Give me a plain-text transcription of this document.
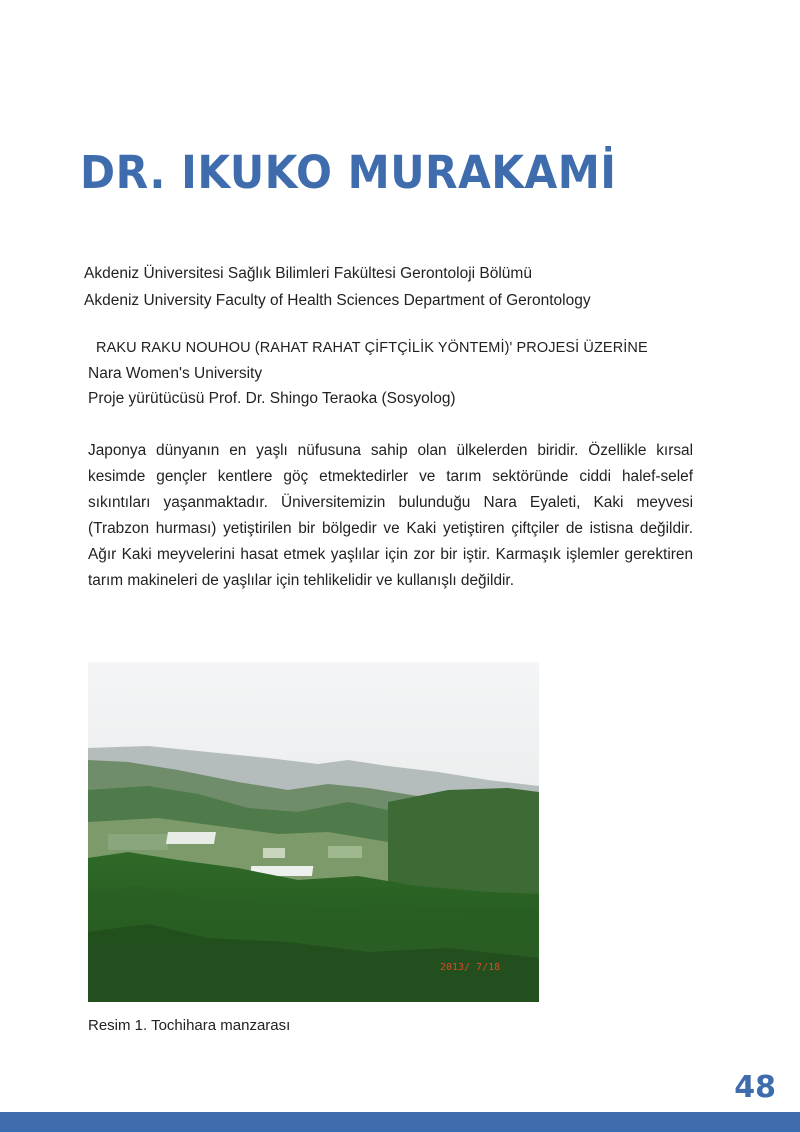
DR. IKUKO MURAKAMİ
Akdeniz Üniversitesi Sağlık Bilimleri Fakültesi Gerontoloji Bölümü
Akdeniz University Faculty of Health Sciences Department of Gerontology
RAKU RAKU NOUHOU (RAHAT RAHAT ÇİFTÇİLİK YÖNTEMİ)' PROJESİ ÜZERİNE
Nara Women's University
Proje yürütücüsü Prof. Dr. Shingo Teraoka (Sosyolog)

Japonya dünyanın en yaşlı nüfusuna sahip olan ülkelerden biridir. Özellikle kırsal kesimde gençler kentlere göç etmektedirler ve tarım sektöründe ciddi halef-selef sıkıntıları yaşanmaktadır. Üniversitemizin bulunduğu Nara Eyaleti, Kaki meyvesi (Trabzon hurması) yetiştirilen bir bölgedir ve Kaki yetiştiren çiftçiler de istisna değildir. Ağır Kaki meyvelerini hasat etmek yaşlılar için zor bir iştir. Karmaşık işlemler gerektiren tarım makineleri de yaşlılar için tehlikelidir ve kullanışlı değildir.

2013/ 7/18
Resim 1. Tochihara manzarası
48
